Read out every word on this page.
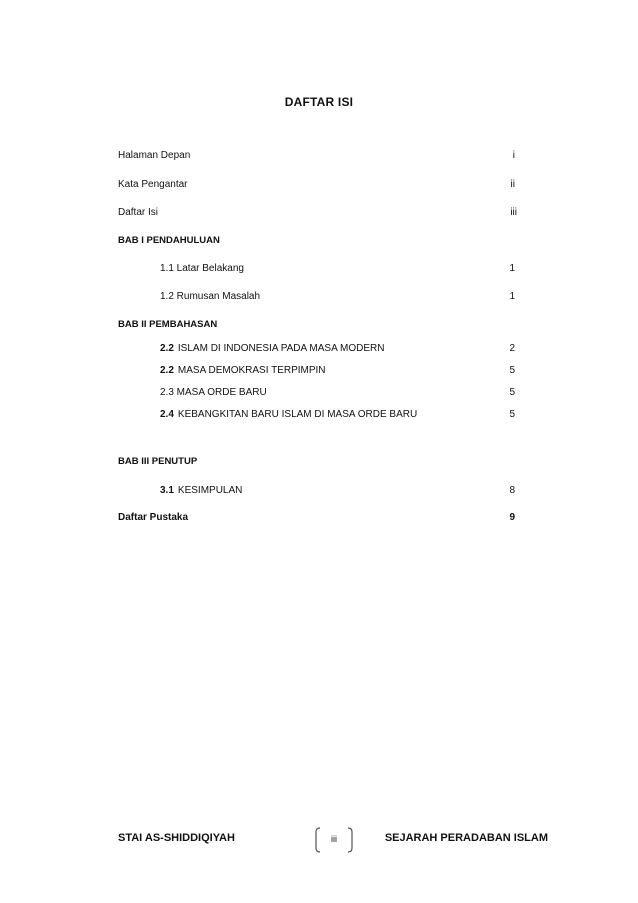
DAFTAR ISI
Halaman Depan	i
Kata Pengantar	ii
Daftar Isi	iii
BAB I PENDAHULUAN
1.1 Latar Belakang	1
1.2 Rumusan Masalah	1
BAB II PEMBAHASAN
2.2 ISLAM DI INDONESIA PADA MASA MODERN	2
2.2 MASA DEMOKRASI TERPIMPIN	5
2.3 MASA ORDE BARU	5
2.4 KEBANGKITAN BARU ISLAM DI MASA ORDE BARU	5
BAB III PENUTUP
3.1 KESIMPULAN	8
Daftar Pustaka	9
STAI AS-SHIDDIQIYAH	iii	SEJARAH PERADABAN ISLAM
